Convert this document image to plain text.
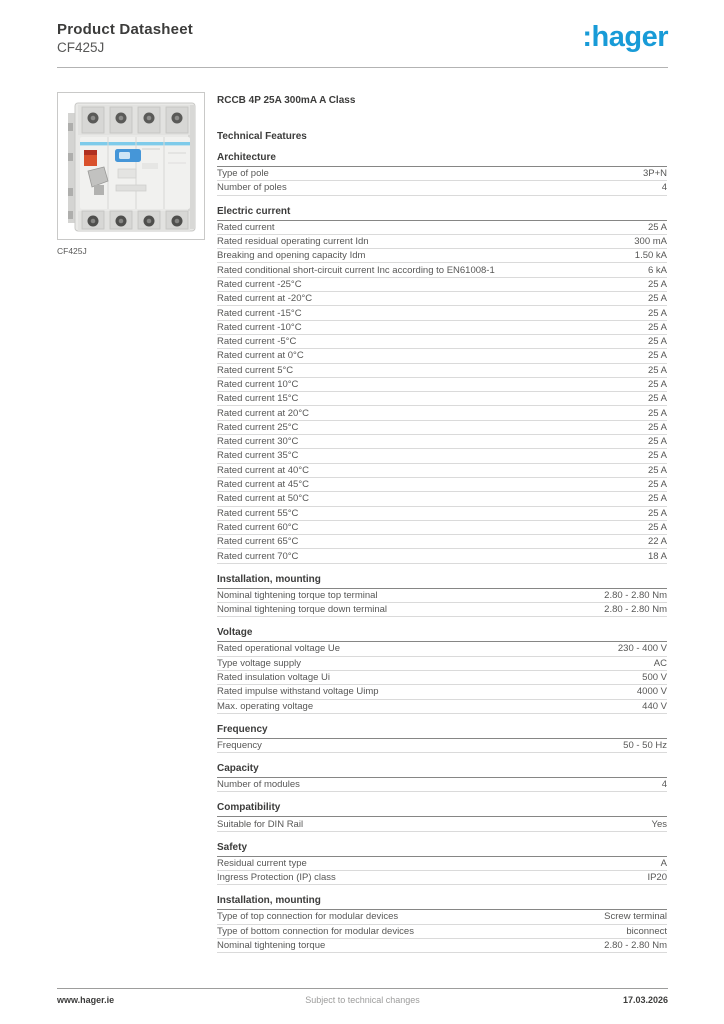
Product Datasheet
CF425J	:hager
CF425J
RCCB 4P 25A 300mA A Class
Technical Features
Architecture
Type of pole	3P+N
Number of poles	4
Electric current
Rated current	25 A
Rated residual operating current Idn	300 mA
Breaking and opening capacity Idm	1.50 kA
Rated conditional short-circuit current Inc according to EN61008-1	6 kA
Rated current -25°C	25 A
Rated current at -20°C	25 A
Rated current -15°C	25 A
Rated current -10°C	25 A
Rated current -5°C	25 A
Rated current at 0°C	25 A
Rated current 5°C	25 A
Rated current 10°C	25 A
Rated current 15°C	25 A
Rated current at 20°C	25 A
Rated current 25°C	25 A
Rated current 30°C	25 A
Rated current 35°C	25 A
Rated current at 40°C	25 A
Rated current at 45°C	25 A
Rated current at 50°C	25 A
Rated current 55°C	25 A
Rated current 60°C	25 A
Rated current 65°C	22 A
Rated current 70°C	18 A
Installation, mounting
Nominal tightening torque top terminal	2.80 - 2.80 Nm
Nominal tightening torque down terminal	2.80 - 2.80 Nm
Voltage
Rated operational voltage Ue	230 - 400 V
Type voltage supply	AC
Rated insulation voltage Ui	500 V
Rated impulse withstand voltage Uimp	4000 V
Max. operating voltage	440 V
Frequency
Frequency	50 - 50 Hz
Capacity
Number of modules	4
Compatibility
Suitable for DIN Rail	Yes
Safety
Residual current type	A
Ingress Protection (IP) class	IP20
Installation, mounting
Type of top connection for modular devices	Screw terminal
Type of bottom connection for modular devices	biconnect
Nominal tightening torque	2.80 - 2.80 Nm
www.hager.ie	Subject to technical changes	17.03.2026
